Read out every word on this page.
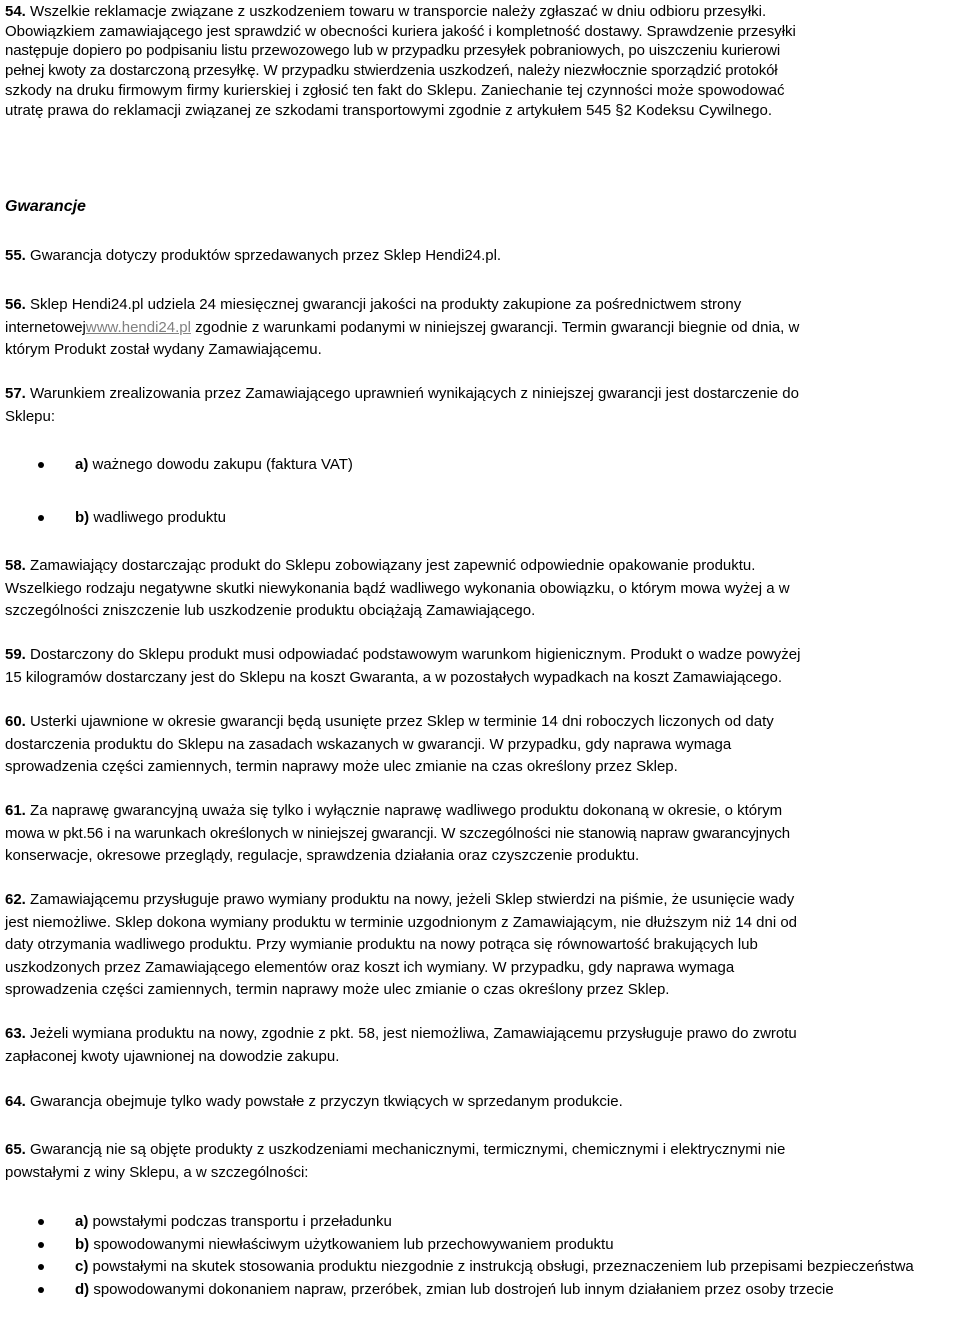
54. Wszelkie reklamacje związane z uszkodzeniem towaru w transporcie należy zgłaszać w dniu odbioru przesyłki.
Obowiązkiem zamawiającego jest sprawdzić w obecności kuriera jakość i kompletność dostawy. Sprawdzenie przesyłki
następuje dopiero po podpisaniu listu przewozowego lub w przypadku przesyłek pobraniowych, po uiszczeniu kurierowi
pełnej kwoty za dostarczoną przesyłkę. W przypadku stwierdzenia uszkodzeń, należy niezwłocznie sporządzić protokół
szkody na druku firmowym firmy kurierskiej i zgłosić ten fakt do Sklepu. Zaniechanie tej czynności może spowodować
utratę prawa do reklamacji związanej ze szkodami transportowymi zgodnie z artykułem 545 §2 Kodeksu Cywilnego.

Gwarancje

55. Gwarancja dotyczy produktów sprzedawanych przez Sklep Hendi24.pl.

56. Sklep Hendi24.pl udziela 24 miesięcznej gwarancji jakości na produkty zakupione za pośrednictwem strony
internetowejwww.hendi24.pl zgodnie z warunkami podanymi w niniejszej gwarancji. Termin gwarancji biegnie od dnia, w
którym Produkt został wydany Zamawiającemu.

57. Warunkiem zrealizowania przez Zamawiającego uprawnień wynikających z niniejszej gwarancji jest dostarczenie do
Sklepu:

a) ważnego dowodu zakupu (faktura VAT)
b) wadliwego produktu

58. Zamawiający dostarczając produkt do Sklepu zobowiązany jest zapewnić odpowiednie opakowanie produktu.
Wszelkiego rodzaju negatywne skutki niewykonania bądź wadliwego wykonania obowiązku, o którym mowa wyżej a w
szczególności zniszczenie lub uszkodzenie produktu obciążają Zamawiającego.

59. Dostarczony do Sklepu produkt musi odpowiadać podstawowym warunkom higienicznym. Produkt o wadze powyżej
15 kilogramów dostarczany jest do Sklepu na koszt Gwaranta, a w pozostałych wypadkach na koszt Zamawiającego.

60. Usterki ujawnione w okresie gwarancji będą usunięte przez Sklep w terminie 14 dni roboczych liczonych od daty
dostarczenia produktu do Sklepu na zasadach wskazanych w gwarancji. W przypadku, gdy naprawa wymaga
sprowadzenia części zamiennych, termin naprawy może ulec zmianie na czas określony przez Sklep.

61. Za naprawę gwarancyjną uważa się tylko i wyłącznie naprawę wadliwego produktu dokonaną w okresie, o którym
mowa w pkt.56 i na warunkach określonych w niniejszej gwarancji. W szczególności nie stanowią napraw gwarancyjnych
konserwacje, okresowe przeglądy, regulacje, sprawdzenia działania oraz czyszczenie produktu.

62. Zamawiającemu przysługuje prawo wymiany produktu na nowy, jeżeli Sklep stwierdzi na piśmie, że usunięcie wady
jest niemożliwe. Sklep dokona wymiany produktu w terminie uzgodnionym z Zamawiającym, nie dłuższym niż 14 dni od
daty otrzymania wadliwego produktu. Przy wymianie produktu na nowy potrąca się równowartość brakujących lub
uszkodzonych przez Zamawiającego elementów oraz koszt ich wymiany. W przypadku, gdy naprawa wymaga
sprowadzenia części zamiennych, termin naprawy może ulec zmianie o czas określony przez Sklep.

63. Jeżeli wymiana produktu na nowy, zgodnie z pkt. 58, jest niemożliwa, Zamawiającemu przysługuje prawo do zwrotu
zapłaconej kwoty ujawnionej na dowodzie zakupu.

64. Gwarancja obejmuje tylko wady powstałe z przyczyn tkwiących w sprzedanym produkcie.

65. Gwarancją nie są objęte produkty z uszkodzeniami mechanicznymi, termicznymi, chemicznymi i elektrycznymi nie
powstałymi z winy Sklepu, a w szczególności:

a) powstałymi podczas transportu i przeładunku
b) spowodowanymi niewłaściwym użytkowaniem lub przechowywaniem produktu
c) powstałymi na skutek stosowania produktu niezgodnie z instrukcją obsługi, przeznaczeniem lub przepisami bezpieczeństwa
d) spowodowanymi dokonaniem napraw, przeróbek, zmian lub dostrojeń lub innym działaniem przez osoby trzecie
